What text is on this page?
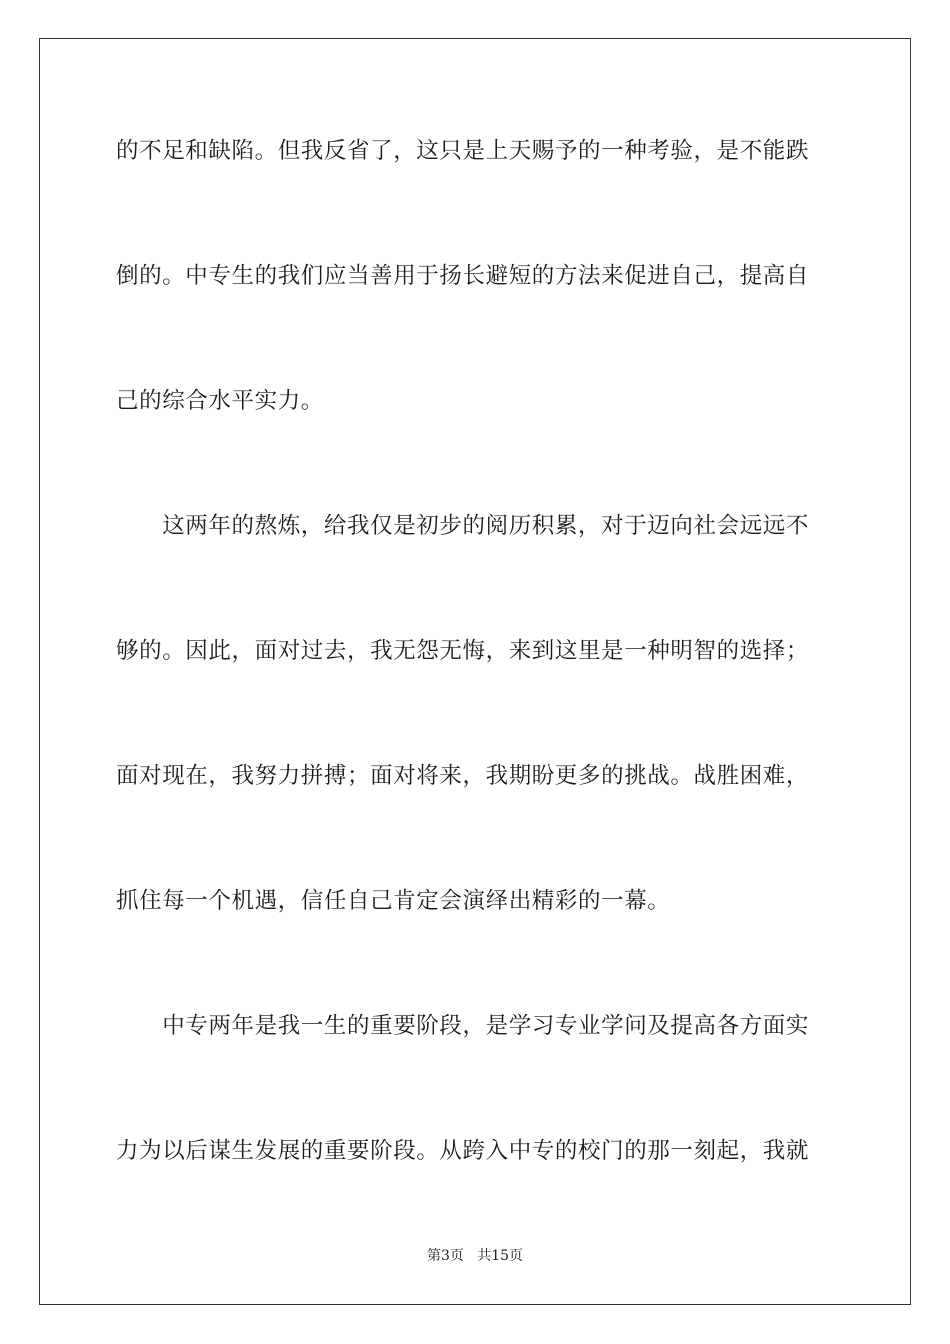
的不足和缺陷。但我反省了，这只是上天赐予的一种考验，是不能跌
倒的。中专生的我们应当善用于扬长避短的方法来促进自己，提高自
己的综合水平实力。
　　这两年的熬炼，给我仅是初步的阅历积累，对于迈向社会远远不
够的。因此，面对过去，我无怨无悔，来到这里是一种明智的选择；
面对现在，我努力拼搏；面对将来，我期盼更多的挑战。战胜困难，
抓住每一个机遇，信任自己肯定会演绎出精彩的一幕。
　　中专两年是我一生的重要阶段，是学习专业学问及提高各方面实
力为以后谋生发展的重要阶段。从跨入中专的校门的那一刻起，我就
第3页   共15页
